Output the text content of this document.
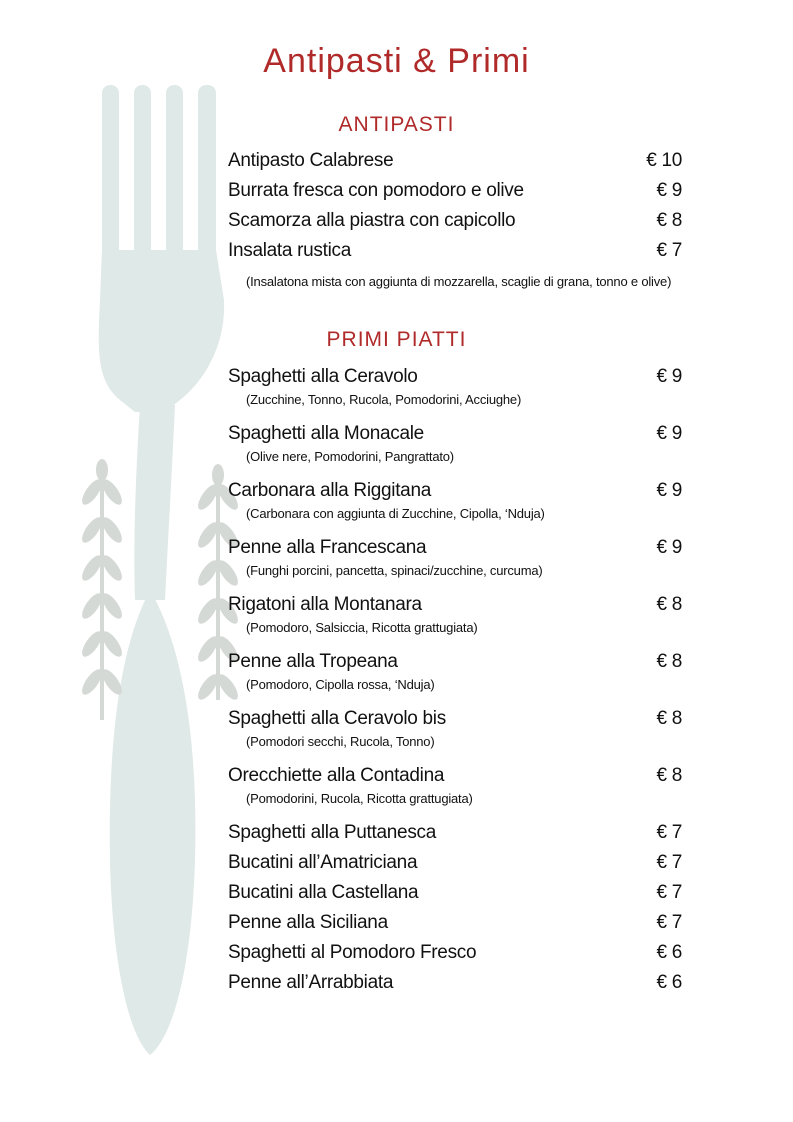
Antipasti & Primi
ANTIPASTI
Antipasto Calabrese	€ 10
Burrata fresca con pomodoro e olive	€ 9
Scamorza alla piastra con capicollo	€ 8
Insalata rustica	€ 7
(Insalatona mista con aggiunta di mozzarella, scaglie di grana, tonno e olive)
PRIMI PIATTI
Spaghetti alla Ceravolo	€ 9
(Zucchine, Tonno, Rucola, Pomodorini, Acciughe)
Spaghetti alla Monacale	€ 9
(Olive nere, Pomodorini, Pangrattato)
Carbonara alla Riggitana	€ 9
(Carbonara con aggiunta di Zucchine, Cipolla, ‘Nduja)
Penne alla Francescana	€ 9
(Funghi porcini, pancetta, spinaci/zucchine, curcuma)
Rigatoni alla Montanara	€ 8
(Pomodoro, Salsiccia, Ricotta grattugiata)
Penne alla Tropeana	€ 8
(Pomodoro, Cipolla rossa, ‘Nduja)
Spaghetti alla Ceravolo bis	€ 8
(Pomodori secchi, Rucola, Tonno)
Orecchiette alla Contadina	€ 8
(Pomodorini, Rucola, Ricotta grattugiata)
Spaghetti alla Puttanesca	€ 7
Bucatini all’Amatriciana	€ 7
Bucatini alla Castellana	€ 7
Penne alla Siciliana	€ 7
Spaghetti al Pomodoro Fresco	€ 6
Penne all’Arrabbiata	€ 6
